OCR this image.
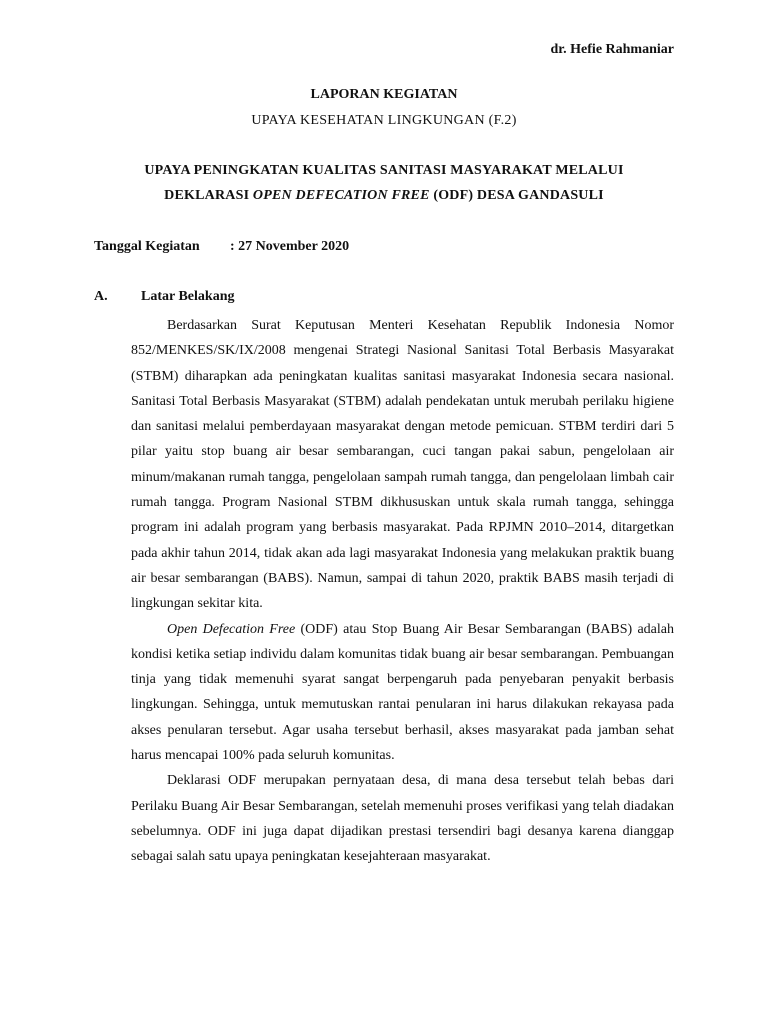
dr. Hefie Rahmaniar
LAPORAN KEGIATAN
UPAYA KESEHATAN LINGKUNGAN (F.2)
UPAYA PENINGKATAN KUALITAS SANITASI MASYARAKAT MELALUI
DEKLARASI OPEN DEFECATION FREE (ODF) DESA GANDASULI
Tanggal Kegiatan : 27 November 2020
A. Latar Belakang

Berdasarkan Surat Keputusan Menteri Kesehatan Republik Indonesia Nomor 852/MENKES/SK/IX/2008 mengenai Strategi Nasional Sanitasi Total Berbasis Masyarakat (STBM) diharapkan ada peningkatan kualitas sanitasi masyarakat Indonesia secara nasional. Sanitasi Total Berbasis Masyarakat (STBM) adalah pendekatan untuk merubah perilaku higiene dan sanitasi melalui pemberdayaan masyarakat dengan metode pemicuan. STBM terdiri dari 5 pilar yaitu stop buang air besar sembarangan, cuci tangan pakai sabun, pengelolaan air minum/makanan rumah tangga, pengelolaan sampah rumah tangga, dan pengelolaan limbah cair rumah tangga. Program Nasional STBM dikhususkan untuk skala rumah tangga, sehingga program ini adalah program yang berbasis masyarakat. Pada RPJMN 2010–2014, ditargetkan pada akhir tahun 2014, tidak akan ada lagi masyarakat Indonesia yang melakukan praktik buang air besar sembarangan (BABS). Namun, sampai di tahun 2020, praktik BABS masih terjadi di lingkungan sekitar kita.

Open Defecation Free (ODF) atau Stop Buang Air Besar Sembarangan (BABS) adalah kondisi ketika setiap individu dalam komunitas tidak buang air besar sembarangan. Pembuangan tinja yang tidak memenuhi syarat sangat berpengaruh pada penyebaran penyakit berbasis lingkungan. Sehingga, untuk memutuskan rantai penularan ini harus dilakukan rekayasa pada akses penularan tersebut. Agar usaha tersebut berhasil, akses masyarakat pada jamban sehat harus mencapai 100% pada seluruh komunitas.

Deklarasi ODF merupakan pernyataan desa, di mana desa tersebut telah bebas dari Perilaku Buang Air Besar Sembarangan, setelah memenuhi proses verifikasi yang telah diadakan sebelumnya. ODF ini juga dapat dijadikan prestasi tersendiri bagi desanya karena dianggap sebagai salah satu upaya peningkatan kesejahteraan masyarakat.
